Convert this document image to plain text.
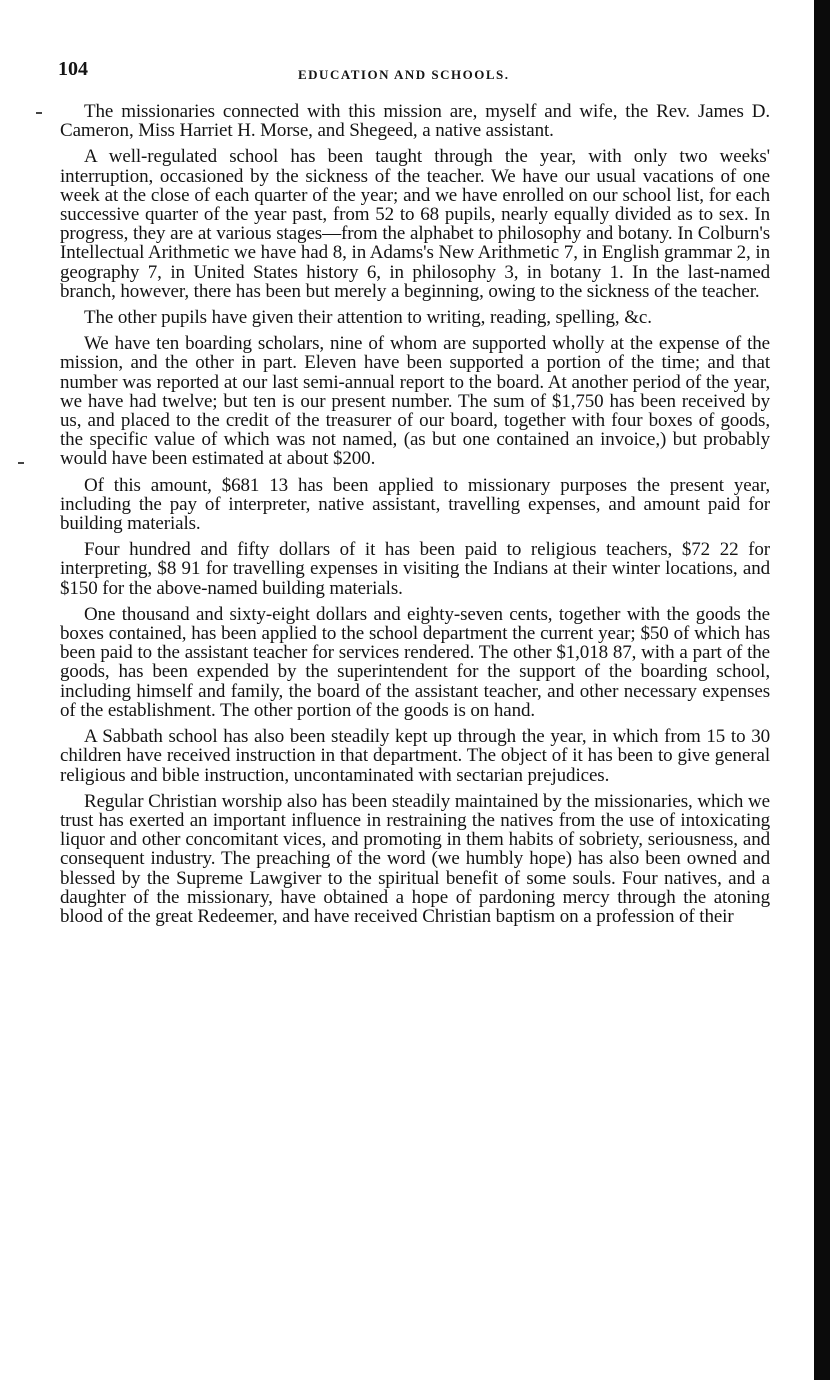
104	EDUCATION AND SCHOOLS.

The missionaries connected with this mission are, myself and wife, the Rev. James D. Cameron, Miss Harriet H. Morse, and Shegeed, a native assistant.

A well-regulated school has been taught through the year, with only two weeks' interruption, occasioned by the sickness of the teacher. We have our usual vacations of one week at the close of each quarter of the year; and we have enrolled on our school list, for each successive quarter of the year past, from 52 to 68 pupils, nearly equally divided as to sex. In progress, they are at various stages—from the alphabet to philosophy and botany. In Colburn's Intellectual Arithmetic we have had 8, in Adams's New Arithmetic 7, in English grammar 2, in geography 7, in United States history 6, in philosophy 3, in botany 1. In the last-named branch, however, there has been but merely a beginning, owing to the sickness of the teacher.

The other pupils have given their attention to writing, reading, spelling, &c.

We have ten boarding scholars, nine of whom are supported wholly at the expense of the mission, and the other in part. Eleven have been supported a portion of the time; and that number was reported at our last semi-annual report to the board. At another period of the year, we have had twelve; but ten is our present number. The sum of $1,750 has been received by us, and placed to the credit of the treasurer of our board, together with four boxes of goods, the specific value of which was not named, (as but one contained an invoice,) but probably would have been estimated at about $200.

Of this amount, $681 13 has been applied to missionary purposes the present year, including the pay of interpreter, native assistant, travelling expenses, and amount paid for building materials.

Four hundred and fifty dollars of it has been paid to religious teachers, $72 22 for interpreting, $8 91 for travelling expenses in visiting the Indians at their winter locations, and $150 for the above-named building materials.

One thousand and sixty-eight dollars and eighty-seven cents, together with the goods the boxes contained, has been applied to the school department the current year; $50 of which has been paid to the assistant teacher for services rendered. The other $1,018 87, with a part of the goods, has been expended by the superintendent for the support of the boarding school, including himself and family, the board of the assistant teacher, and other necessary expenses of the establishment. The other portion of the goods is on hand.

A Sabbath school has also been steadily kept up through the year, in which from 15 to 30 children have received instruction in that department. The object of it has been to give general religious and bible instruction, uncontaminated with sectarian prejudices.

Regular Christian worship also has been steadily maintained by the missionaries, which we trust has exerted an important influence in restraining the natives from the use of intoxicating liquor and other concomitant vices, and promoting in them habits of sobriety, seriousness, and consequent industry. The preaching of the word (we humbly hope) has also been owned and blessed by the Supreme Lawgiver to the spiritual benefit of some souls. Four natives, and a daughter of the missionary, have obtained a hope of pardoning mercy through the atoning blood of the great Redeemer, and have received Christian baptism on a profession of their
